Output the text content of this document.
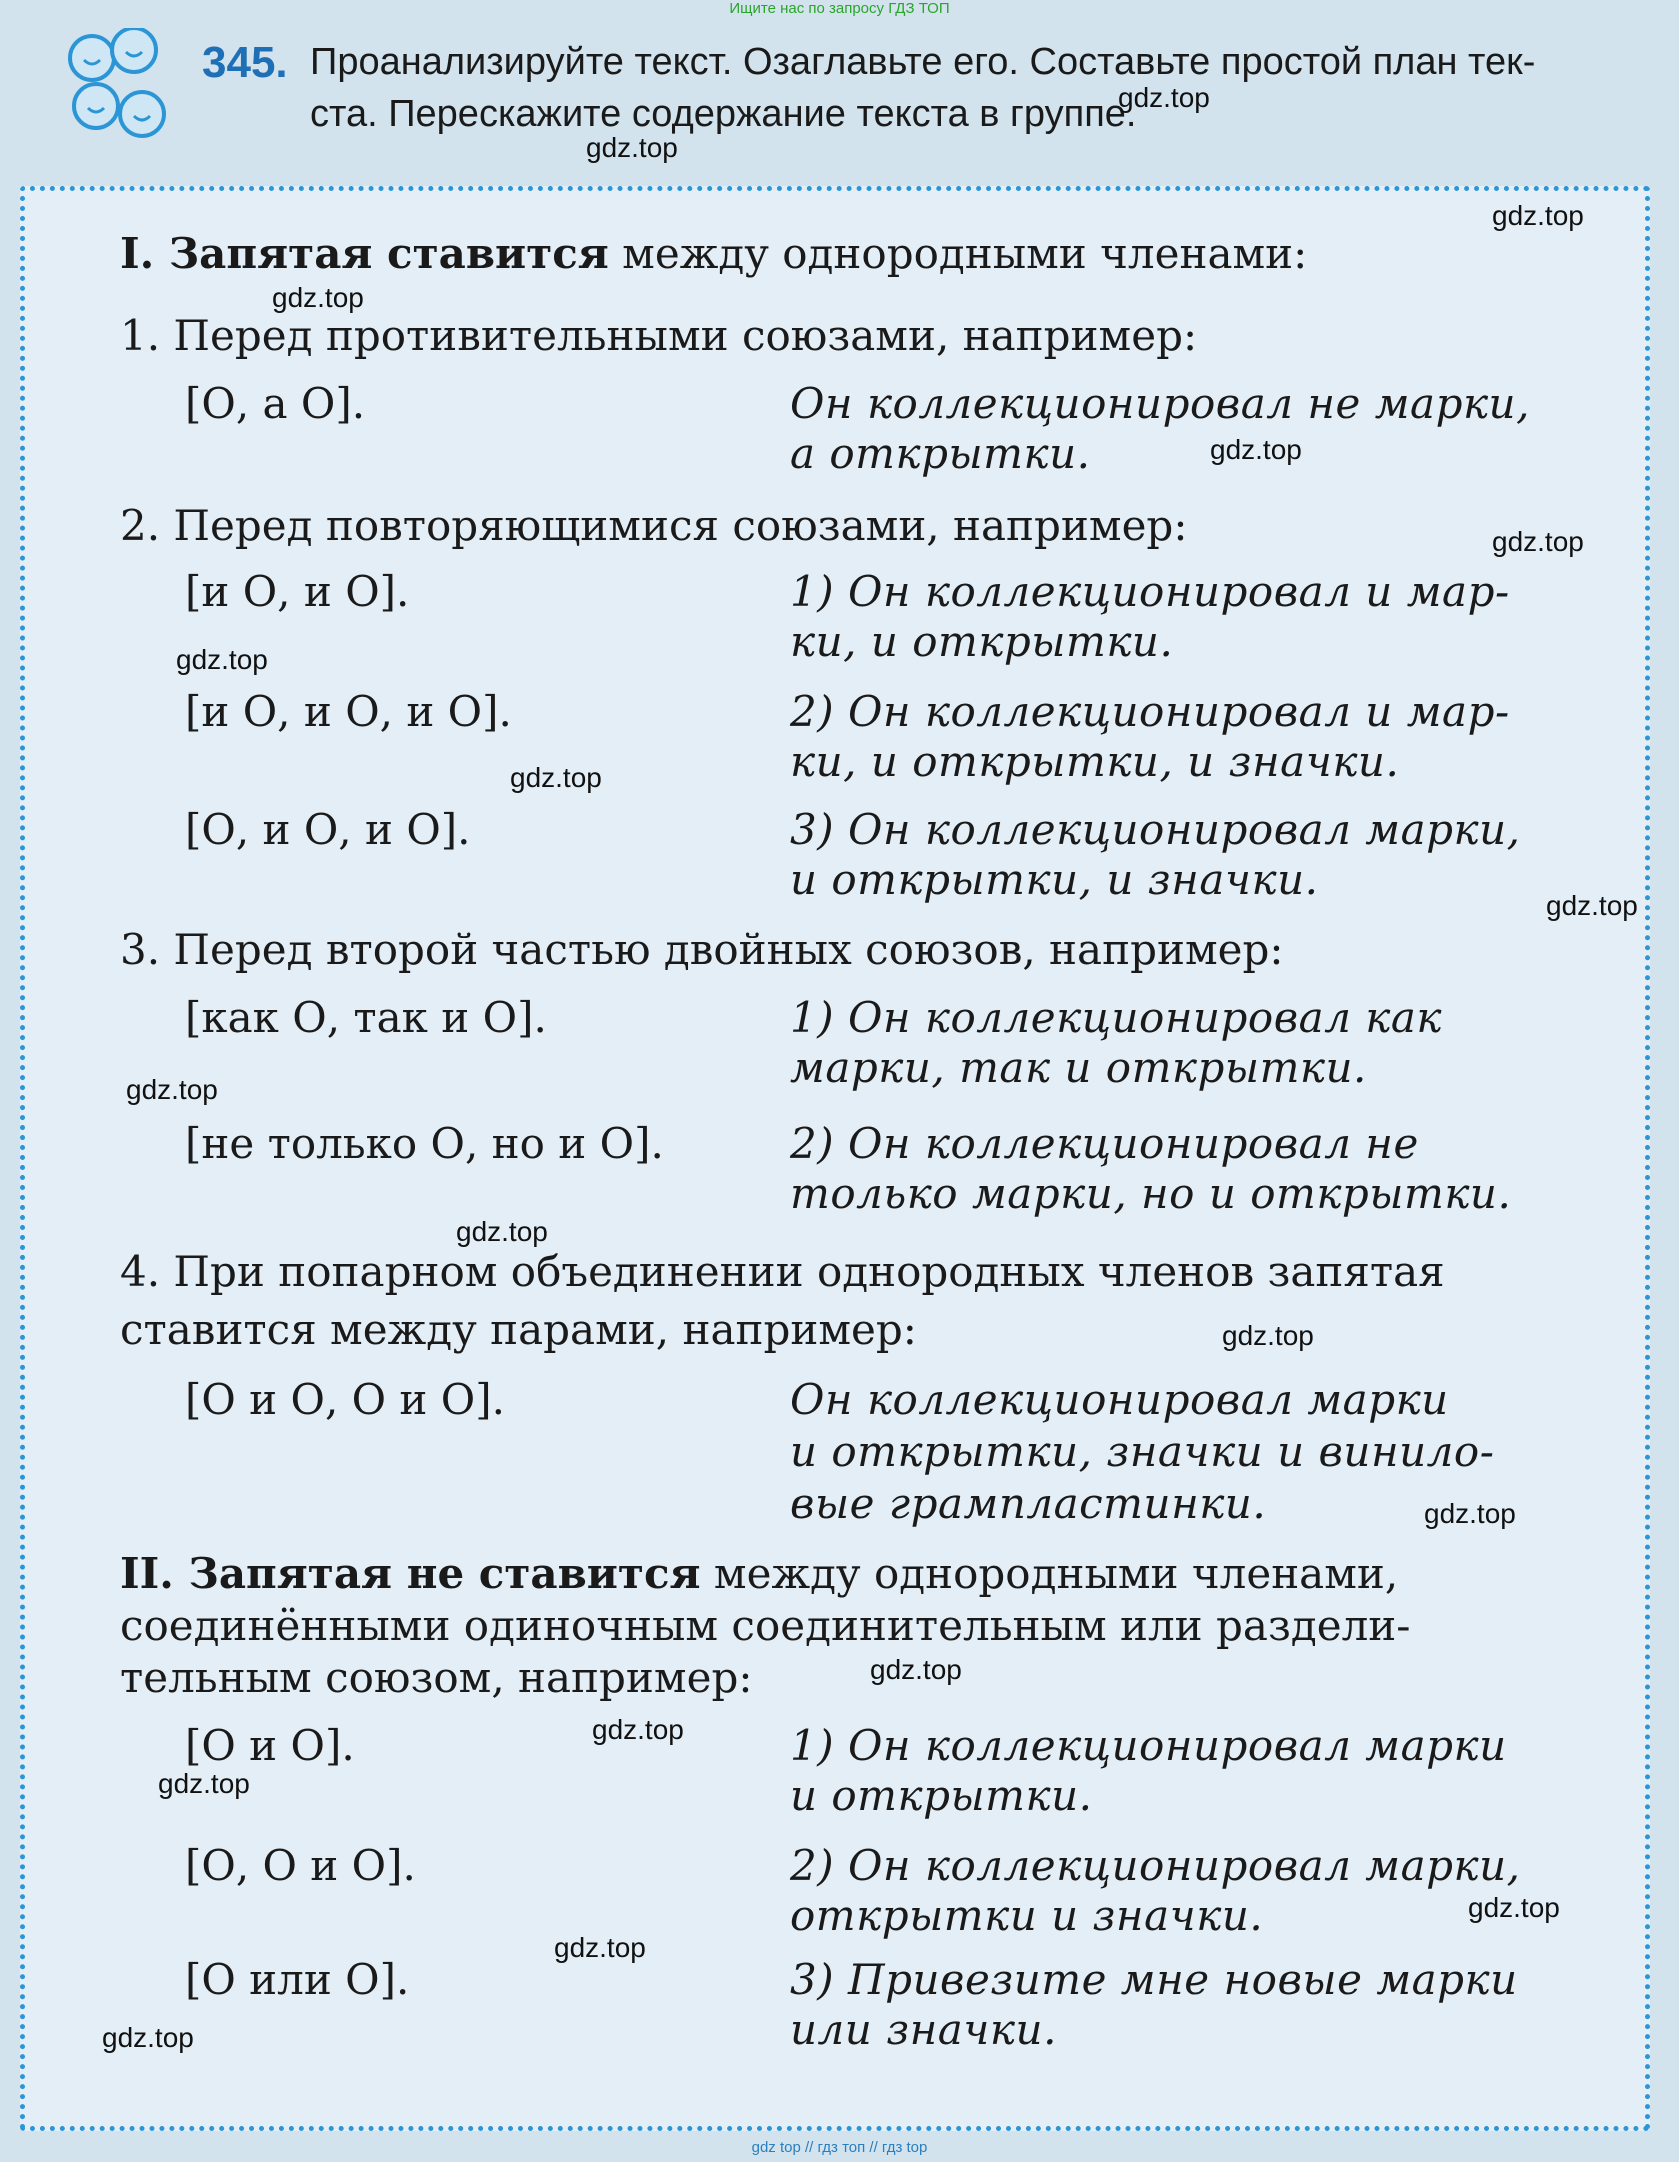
Ищите нас по запросу ГДЗ ТОП
345. Проанализируйте текст. Озаглавьте его. Составьте простой план тек-
ста. Перескажите содержание текста в группе.
I. Запятая ставится между однородными членами:
1. Перед противительными союзами, например:
[О, а О].	Он коллекционировал не марки,
а открытки.
2. Перед повторяющимися союзами, например:
[и О, и О].	1) Он коллекционировал и мар-
ки, и открытки.
[и О, и О, и О].	2) Он коллекционировал и мар-
ки, и открытки, и значки.
[О, и О, и О].	3) Он коллекционировал марки,
и открытки, и значки.
3. Перед второй частью двойных союзов, например:
[как О, так и О].	1) Он коллекционировал как
марки, так и открытки.
[не только О, но и О].	2) Он коллекционировал не
только марки, но и открытки.
4. При попарном объединении однородных членов запятая
ставится между парами, например:
[О и О, О и О].	Он коллекционировал марки
и открытки, значки и винило-
вые грампластинки.
II. Запятая не ставится между однородными членами,
соединёнными одиночным соединительным или раздели-
тельным союзом, например:
[О и О].	1) Он коллекционировал марки
и открытки.
[О, О и О].	2) Он коллекционировал марки,
открытки и значки.
[О или О].	3) Привезите мне новые марки
или значки.
gdz.top
gdz.top
gdz.top
gdz.top
gdz.top
gdz.top
gdz.top
gdz.top
gdz.top
gdz.top
gdz.top
gdz.top
gdz.top
gdz.top
gdz.top
gdz.top
gdz.top
gdz.top
gdz.top
gdz top // гдз топ // гдз top
